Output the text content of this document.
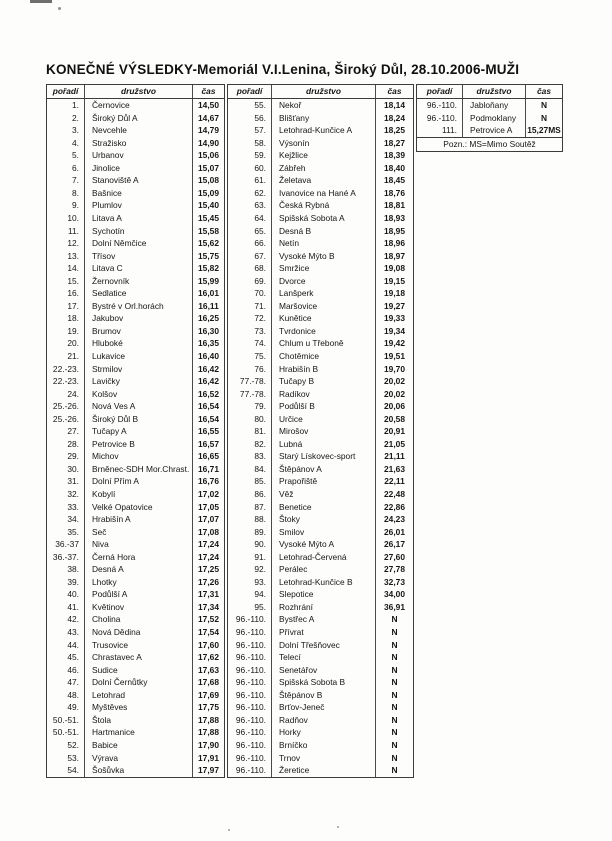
KONEČNÉ VÝSLEDKY-Memoriál V.I.Lenina, Široký Důl, 28.10.2006-MUŽI
pořadí	družstvo	čas
1.	Černovice	14,50
2.	Široký Důl A	14,67
3.	Nevcehle	14,79
4.	Stražisko	14,90
5.	Urbanov	15,06
6.	Jinolice	15,07
7.	Stanoviště A	15,08
8.	Bašnice	15,09
9.	Plumlov	15,40
10.	Litava A	15,45
11.	Sychotín	15,58
12.	Dolní Němčice	15,62
13.	Třísov	15,75
14.	Litava C	15,82
15.	Žernovník	15,99
16.	Sedlatice	16,01
17.	Bystré v Orl.horách	16,11
18.	Jakubov	16,25
19.	Brumov	16,30
20.	Hluboké	16,35
21.	Lukavice	16,40
22.-23.	Strmilov	16,42
22.-23.	Lavičky	16,42
24.	Kolšov	16,52
25.-26.	Nová Ves A	16,54
25.-26.	Široký Důl B	16,54
27.	Tučapy A	16,55
28.	Petrovice B	16,57
29.	Michov	16,65
30.	Brněnec-SDH Mor.Chrast.	16,71
31.	Dolní Přím A	16,76
32.	Kobylí	17,02
33.	Velké Opatovice	17,05
34.	Hrabišín A	17,07
35.	Seč	17,08
36.-37	Niva	17,24
36.-37.	Černá Hora	17,24
38.	Desná A	17,25
39.	Lhotky	17,26
40.	Podůlší A	17,31
41.	Květinov	17,34
42.	Cholina	17,52
43.	Nová Dědina	17,54
44.	Trusovice	17,60
45.	Chrastavec A	17,62
46.	Sudice	17,63
47.	Dolní Černůtky	17,68
48.	Letohrad	17,69
49.	Myštěves	17,75
50.-51.	Štola	17,88
50.-51.	Hartmanice	17,88
52.	Babice	17,90
53.	Výrava	17,91
54.	Šošůvka	17,97
pořadí	družstvo	čas
55.	Nekoř	18,14
56.	Blišťany	18,24
57.	Letohrad-Kunčice A	18,25
58.	Výsonín	18,27
59.	Kejžlice	18,39
60.	Zábřeh	18,40
61.	Želetava	18,45
62.	Ivanovice na Hané A	18,76
63.	Česká Rybná	18,81
64.	Spišská Sobota A	18,93
65.	Desná B	18,95
66.	Netín	18,96
67.	Vysoké Mýto B	18,97
68.	Smržice	19,08
69.	Dvorce	19,15
70.	Lanšperk	19,18
71.	Maršovice	19,27
72.	Kunětice	19,33
73.	Tvrdonice	19,34
74.	Chlum u Třeboně	19,42
75.	Chotěmice	19,51
76.	Hrabišín B	19,70
77.-78.	Tučapy B	20,02
77.-78.	Radíkov	20,02
79.	Podůlší B	20,06
80.	Určice	20,58
81.	Mirošov	20,91
82.	Lubná	21,05
83.	Starý Lískovec-sport	21,11
84.	Štěpánov A	21,63
85.	Prapořiště	22,11
86.	Věž	22,48
87.	Benetice	22,86
88.	Štoky	24,23
89.	Smilov	26,01
90.	Vysoké Mýto A	26,17
91.	Letohrad-Červená	27,60
92.	Perálec	27,78
93.	Letohrad-Kunčice B	32,73
94.	Slepotice	34,00
95.	Rozhrání	36,91
96.-110.	Bystřec A	N
96.-110.	Přívrat	N
96.-110.	Dolní Třešňovec	N
96.-110.	Telecí	N
96.-110.	Senetářov	N
96.-110.	Spišská Sobota B	N
96.-110.	Štěpánov B	N
96.-110.	Brťov-Jeneč	N
96.-110.	Radňov	N
96.-110.	Horky	N
96.-110.	Brníčko	N
96.-110.	Trnov	N
96.-110.	Žeretice	N
pořadí	družstvo	čas
96.-110.	Jabloňany	N
96.-110.	Podmoklany	N
111.	Petrovice A	15,27MS
Pozn.: MS=Mimo Soutěž
